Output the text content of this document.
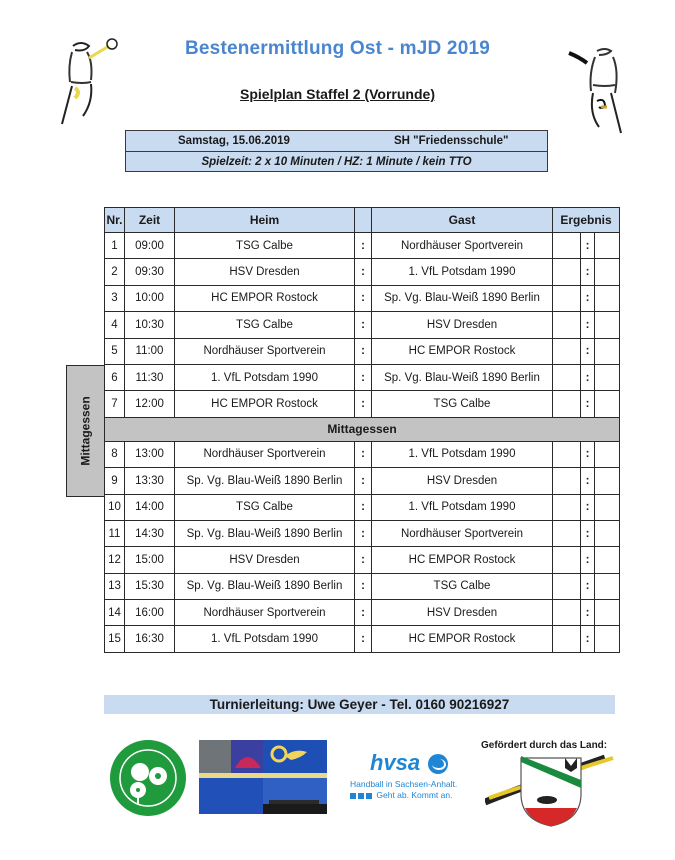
Bestenermittlung Ost - mJD 2019
Spielplan Staffel 2 (Vorrunde)
Samstag, 15.06.2019	SH "Friedensschule"
Spielzeit: 2 x 10 Minuten / HZ: 1 Minute / kein TTO
Mittagessen
Nr.	Zeit	Heim		Gast	Ergebnis		
1	09:00	TSG Calbe	:	Nordhäuser Sportverein		:	
2	09:30	HSV Dresden	:	1. VfL Potsdam 1990		:	
3	10:00	HC EMPOR Rostock	:	Sp. Vg. Blau-Weiß 1890 Berlin		:	
4	10:30	TSG Calbe	:	HSV Dresden		:	
5	11:00	Nordhäuser Sportverein	:	HC EMPOR Rostock		:	
6	11:30	1. VfL Potsdam 1990	:	Sp. Vg. Blau-Weiß 1890 Berlin		:	
7	12:00	HC EMPOR Rostock	:	TSG Calbe		:	
Mittagessen							
8	13:00	Nordhäuser Sportverein	:	1. VfL Potsdam 1990		:	
9	13:30	Sp. Vg. Blau-Weiß 1890 Berlin	:	HSV Dresden		:	
10	14:00	TSG Calbe	:	1. VfL Potsdam 1990		:	
11	14:30	Sp. Vg. Blau-Weiß 1890 Berlin	:	Nordhäuser Sportverein		:	
12	15:00	HSV Dresden	:	HC EMPOR Rostock		:	
13	15:30	Sp. Vg. Blau-Weiß 1890 Berlin	:	TSG Calbe		:	
14	16:00	Nordhäuser Sportverein	:	HSV Dresden		:	
15	16:30	1. VfL Potsdam 1990	:	HC EMPOR Rostock		:	
Turnierleitung: Uwe Geyer - Tel. 0160 90216927
hvsa
Handball in Sachsen-Anhalt.
Geht ab. Kommt an.
Gefördert durch das Land:
